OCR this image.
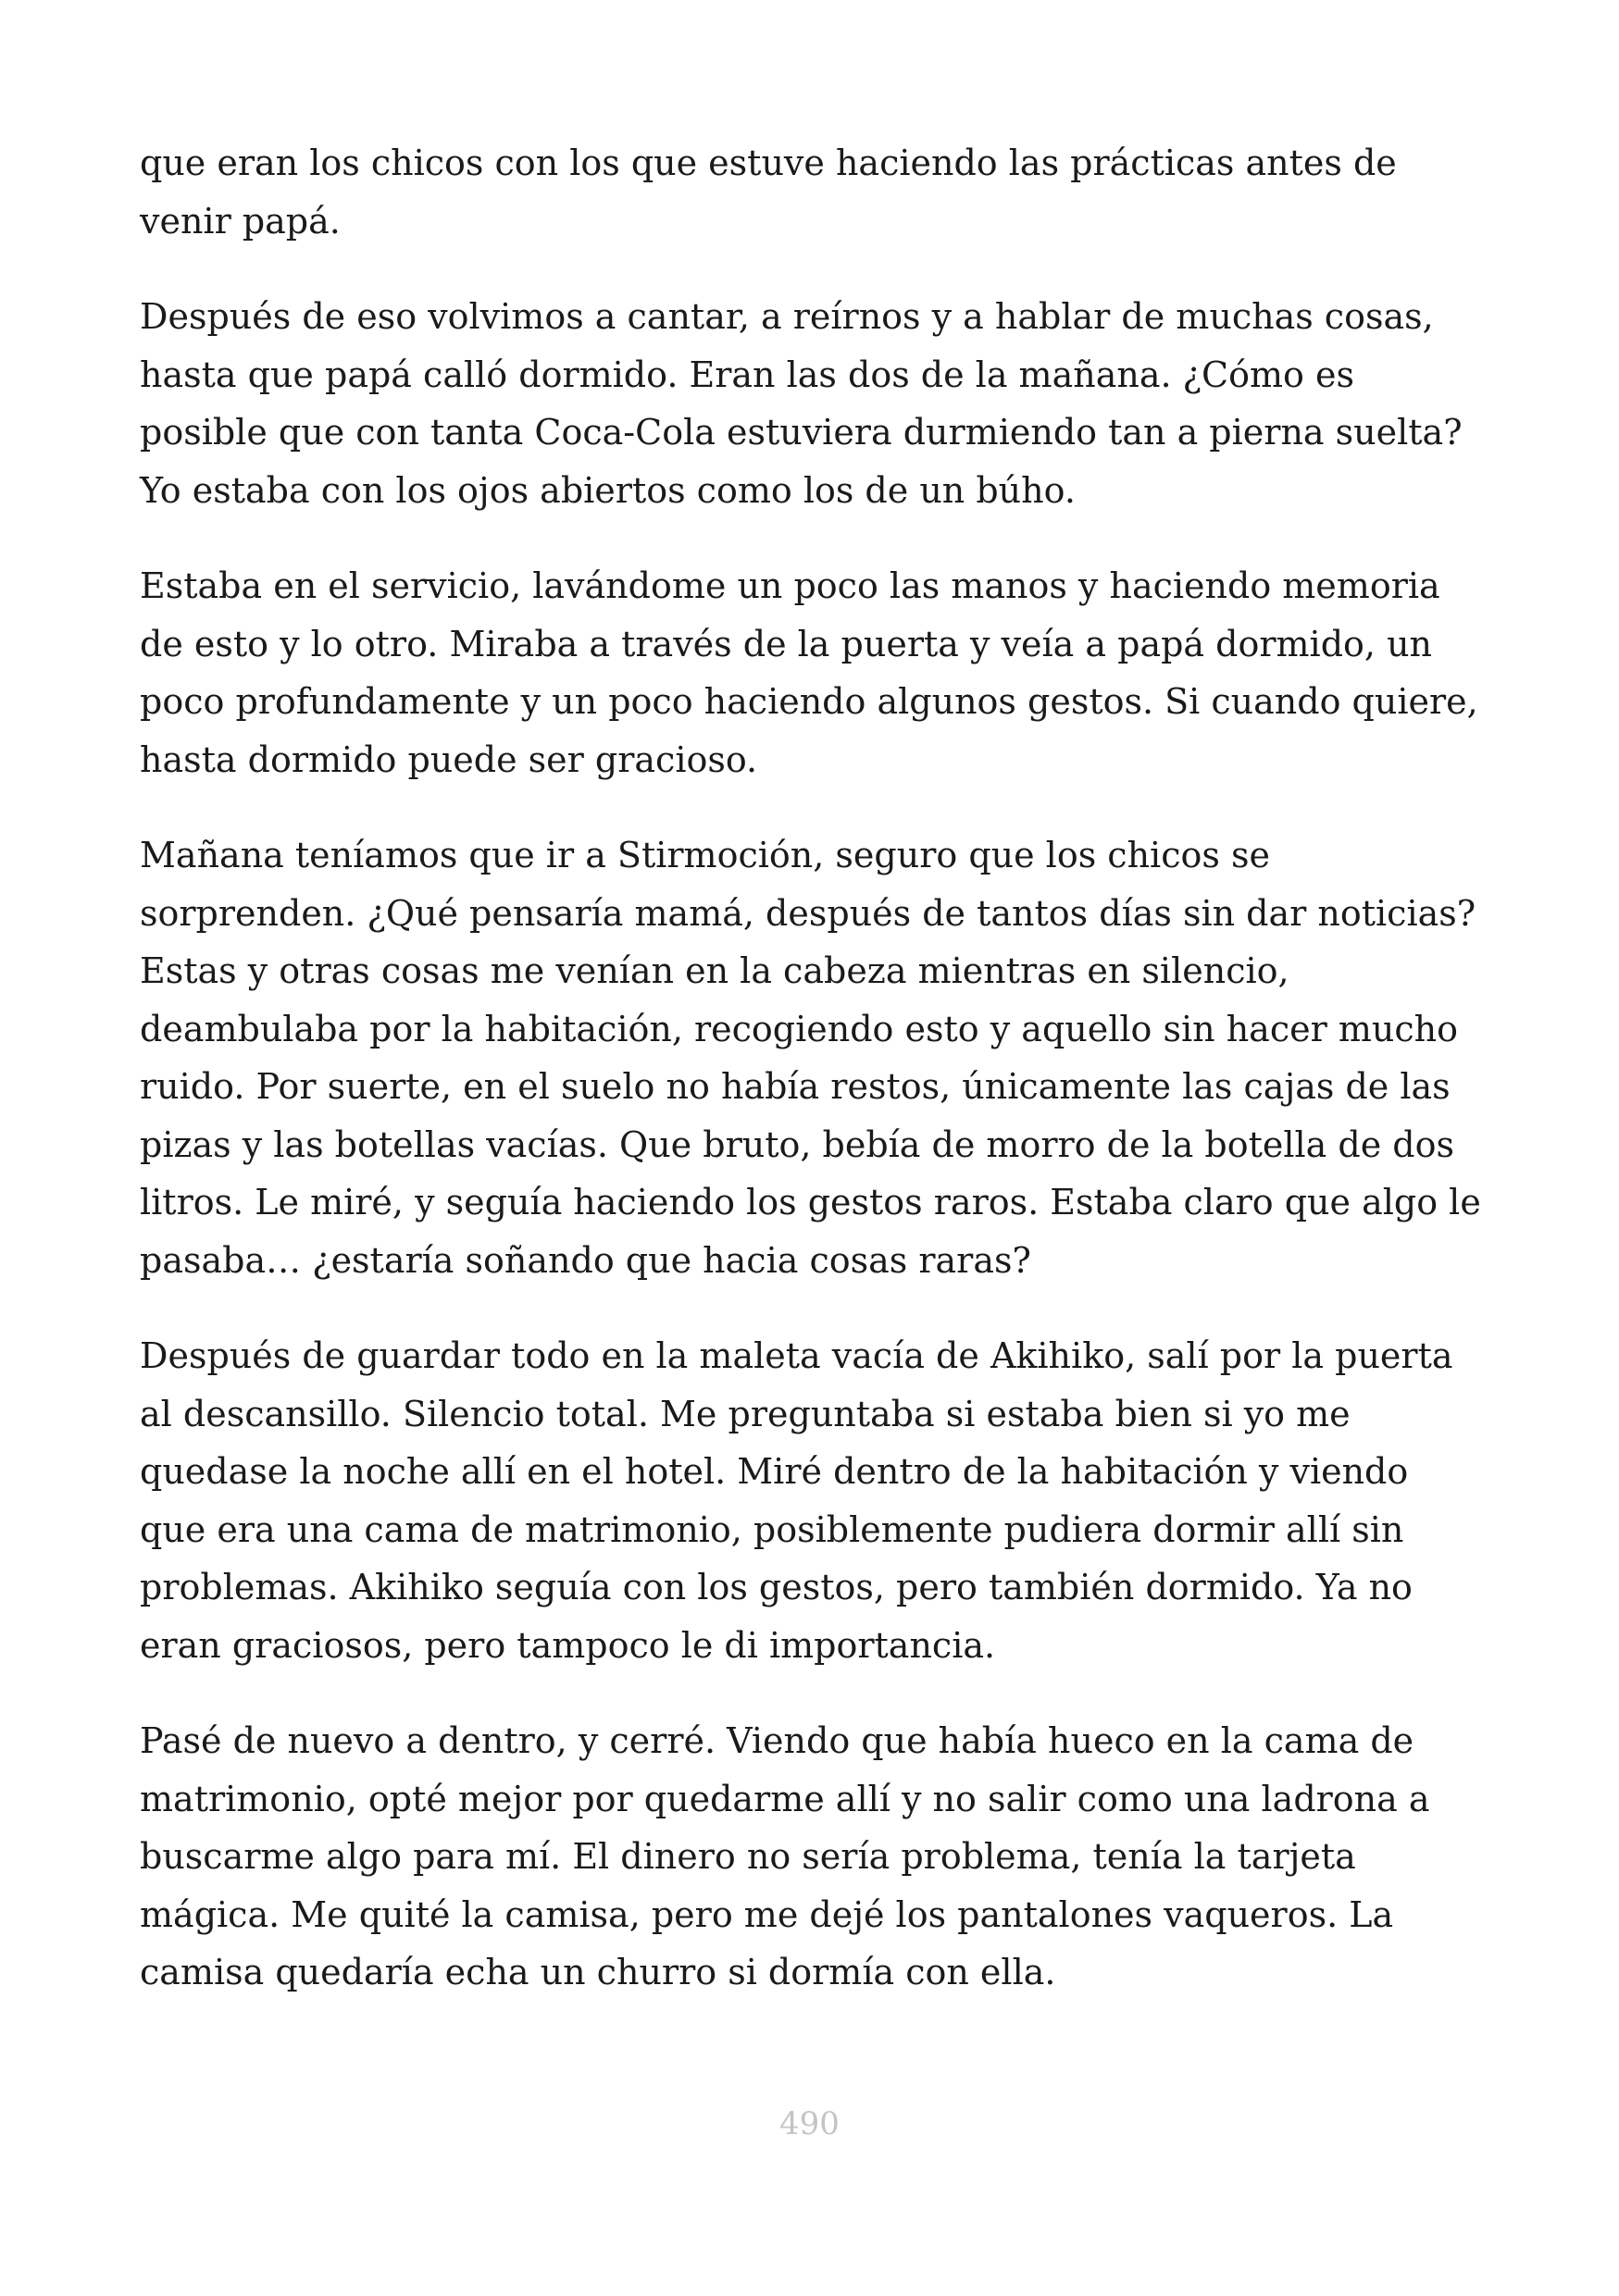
que eran los chicos con los que estuve haciendo las prácticas antes de
venir papá.

Después de eso volvimos a cantar, a reírnos y a hablar de muchas cosas,
hasta que papá calló dormido. Eran las dos de la mañana. ¿Cómo es
posible que con tanta Coca-Cola estuviera durmiendo tan a pierna suelta?
Yo estaba con los ojos abiertos como los de un búho.

Estaba en el servicio, lavándome un poco las manos y haciendo memoria
de esto y lo otro. Miraba a través de la puerta y veía a papá dormido, un
poco profundamente y un poco haciendo algunos gestos. Si cuando quiere,
hasta dormido puede ser gracioso.

Mañana teníamos que ir a Stirmoción, seguro que los chicos se
sorprenden. ¿Qué pensaría mamá, después de tantos días sin dar noticias?
Estas y otras cosas me venían en la cabeza mientras en silencio,
deambulaba por la habitación, recogiendo esto y aquello sin hacer mucho
ruido. Por suerte, en el suelo no había restos, únicamente las cajas de las
pizas y las botellas vacías. Que bruto, bebía de morro de la botella de dos
litros. Le miré, y seguía haciendo los gestos raros. Estaba claro que algo le
pasaba… ¿estaría soñando que hacia cosas raras?

Después de guardar todo en la maleta vacía de Akihiko, salí por la puerta
al descansillo. Silencio total. Me preguntaba si estaba bien si yo me
quedase la noche allí en el hotel. Miré dentro de la habitación y viendo
que era una cama de matrimonio, posiblemente pudiera dormir allí sin
problemas. Akihiko seguía con los gestos, pero también dormido. Ya no
eran graciosos, pero tampoco le di importancia.

Pasé de nuevo a dentro, y cerré. Viendo que había hueco en la cama de
matrimonio, opté mejor por quedarme allí y no salir como una ladrona a
buscarme algo para mí. El dinero no sería problema, tenía la tarjeta
mágica. Me quité la camisa, pero me dejé los pantalones vaqueros. La
camisa quedaría echa un churro si dormía con ella.

490
